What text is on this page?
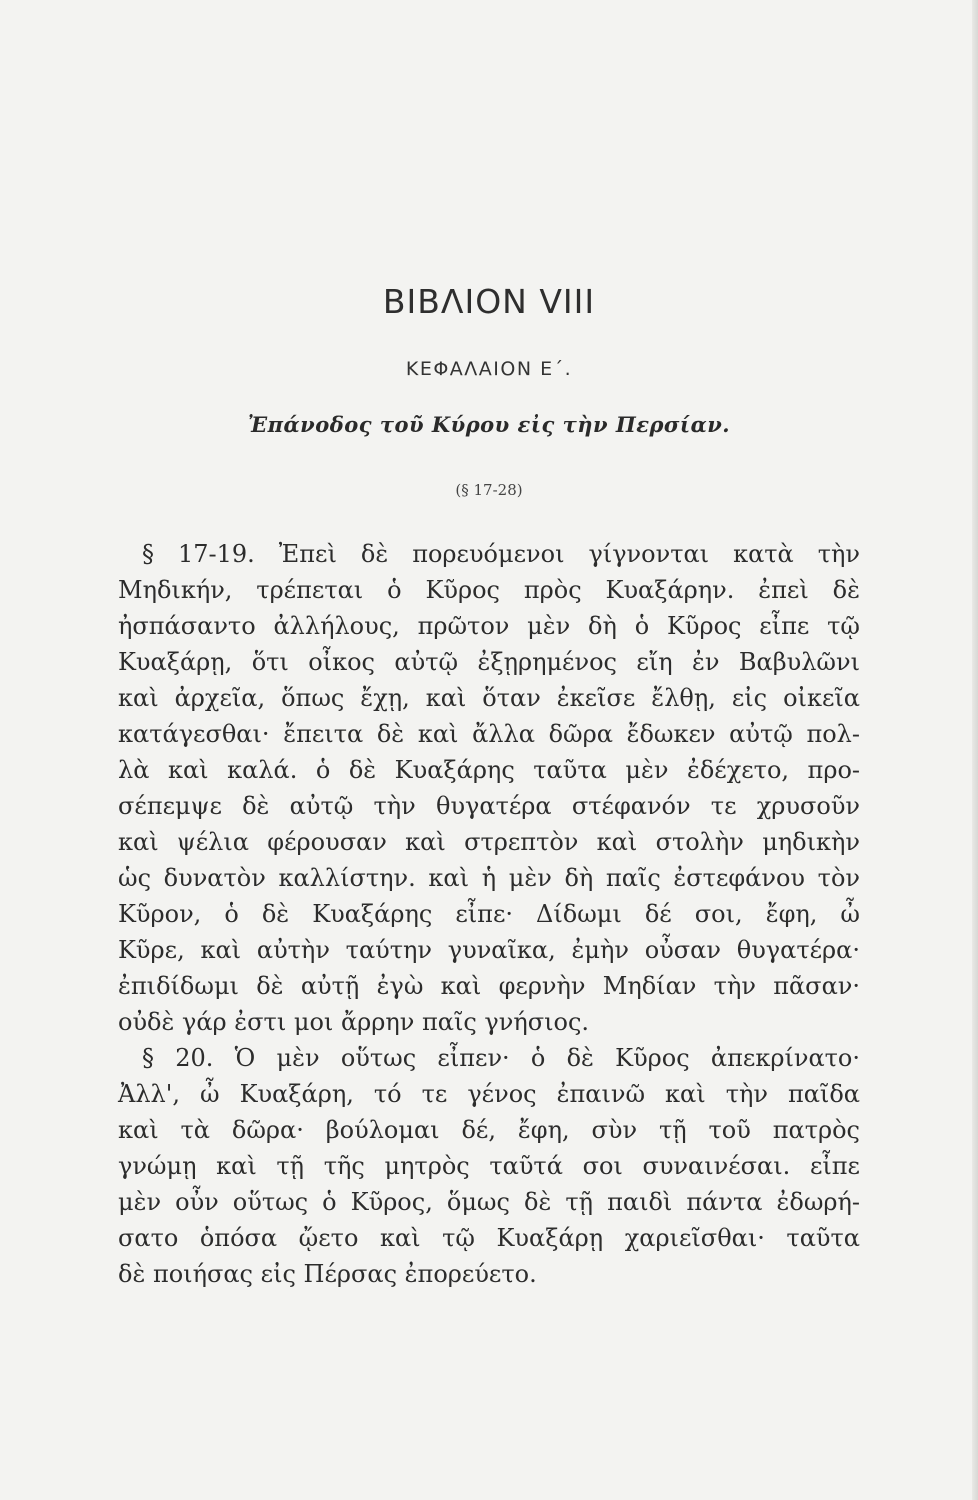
ΒΙΒΛΙΟΝ VIII
ΚΕΦΑΛΑΙΟΝ Ε΄.
Ἐπάνοδος τοῦ Κύρου εἰς τὴν Περσίαν.
(§ 17-28)
§ 17-19. Ἐπεὶ δὲ πορευόμενοι γίγνονται κατὰ τὴν
Μηδικήν, τρέπεται ὁ Κῦρος πρὸς Κυαξάρην. ἐπεὶ δὲ
ἠσπάσαντο ἀλλήλους, πρῶτον μὲν δὴ ὁ Κῦρος εἶπε τῷ
Κυαξάρῃ, ὅτι οἶκος αὐτῷ ἐξῃρημένος εἴη ἐν Βαβυλῶνι
καὶ ἀρχεῖα, ὅπως ἔχῃ, καὶ ὅταν ἐκεῖσε ἔλθῃ, εἰς οἰκεῖα
κατάγεσθαι· ἔπειτα δὲ καὶ ἄλλα δῶρα ἔδωκεν αὐτῷ πολ-
λὰ καὶ καλά. ὁ δὲ Κυαξάρης ταῦτα μὲν ἐδέχετο, προ-
σέπεμψε δὲ αὐτῷ τὴν θυγατέρα στέφανόν τε χρυσοῦν
καὶ ψέλια φέρουσαν καὶ στρεπτὸν καὶ στολὴν μηδικὴν
ὡς δυνατὸν καλλίστην. καὶ ἡ μὲν δὴ παῖς ἐστεφάνου τὸν
Κῦρον, ὁ δὲ Κυαξάρης εἶπε· Δίδωμι δέ σοι, ἔφη, ὦ
Κῦρε, καὶ αὐτὴν ταύτην γυναῖκα, ἐμὴν οὖσαν θυγατέρα·
ἐπιδίδωμι δὲ αὐτῇ ἐγὼ καὶ φερνὴν Μηδίαν τὴν πᾶσαν·
οὐδὲ γάρ ἐστι μοι ἄρρην παῖς γνήσιος.
§ 20. Ὁ μὲν οὕτως εἶπεν· ὁ δὲ Κῦρος ἀπεκρίνατο·
Ἀλλ', ὦ Κυαξάρη, τό τε γένος ἐπαινῶ καὶ τὴν παῖδα
καὶ τὰ δῶρα· βούλομαι δέ, ἔφη, σὺν τῇ τοῦ πατρὸς
γνώμῃ καὶ τῇ τῆς μητρὸς ταῦτά σοι συναινέσαι. εἶπε
μὲν οὖν οὕτως ὁ Κῦρος, ὅμως δὲ τῇ παιδὶ πάντα ἐδωρή-
σατο ὁπόσα ᾤετο καὶ τῷ Κυαξάρῃ χαριεῖσθαι· ταῦτα
δὲ ποιήσας εἰς Πέρσας ἐπορεύετο.
